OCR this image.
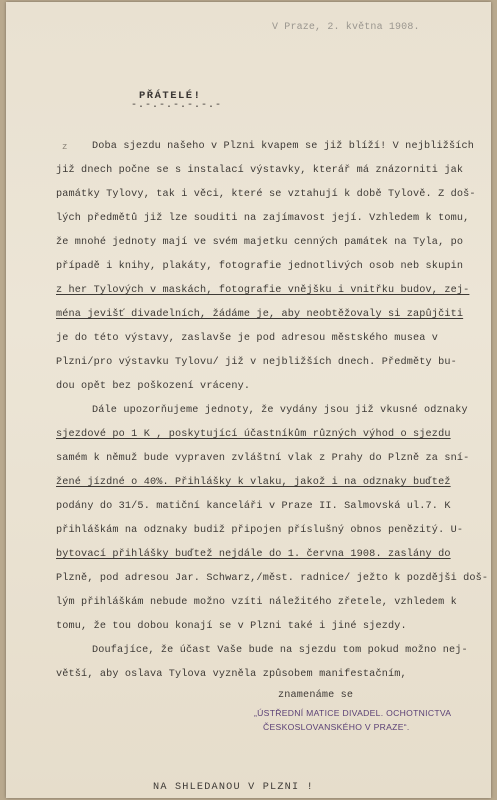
V Praze, 2. května 1908.
PŘÁTELÉ!
-.-.-.-.-.-.-
z Doba sjezdu našeho v Plzni kvapem se již blíží! V nejbližších
již dnech počne se s instalací výstavky, kterář má znázorniti jak
památky Tylovy, tak i věci, které se vztahují k době Tylově. Z doš-
lých předmětů již lze souditi na zajímavost její. Vzhledem k tomu,
že mnohé jednoty mají ve svém majetku cenných památek na Tyla, po
případě i knihy, plakáty, fotografie jednotlivých osob neb skupin
z her Tylových v maskách, fotografie vnějšku i vnitřku budov, zej-
ména jevišť divadelních, žádáme je, aby neobtěžovaly si zapůjčiti
je do této výstavy, zaslavše je pod adresou městského musea v
Plzni/pro výstavku Tylovu/ již v nejbližších dnech. Předměty bu-
dou opět bez poškození vráceny.
Dále upozorňujeme jednoty, že vydány jsou již vkusné odznaky
sjezdové po 1 K , poskytující účastníkům různých výhod o sjezdu
samém k němuž bude vypraven zvláštní vlak z Prahy do Plzně za sní-
žené jízdné o 40%. Přihlášky k vlaku, jakož i na odznaky buďtež
podány do 31/5. matiční kanceláři v Praze II. Salmovská ul.7. K
přihláškám na odznaky budiž připojen příslušný obnos penězitý. U-
bytovací přihlášky buďtež nejdále do 1. června 1908. zaslány do
Plzně, pod adresou Jar. Schwarz,/měst. radnice/ ježto k pozdějši doš-
lým přihláškám nebude možno vzíti náležitého zřetele, vzhledem k
tomu, že tou dobou konají se v Plzni také i jiné sjezdy.
Doufajíce, že účast Vaše bude na sjezdu tom pokud možno nej-
větší, aby oslava Tylova vyzněla způsobem manifestačním,
znamenáme se
„ÚSTŘEDNÍ MATICE DIVADEL. OCHOTNICTVA
ČESKOSLOVANSKÉHO V PRAZE“.
NA SHLEDANOU V PLZNI !
